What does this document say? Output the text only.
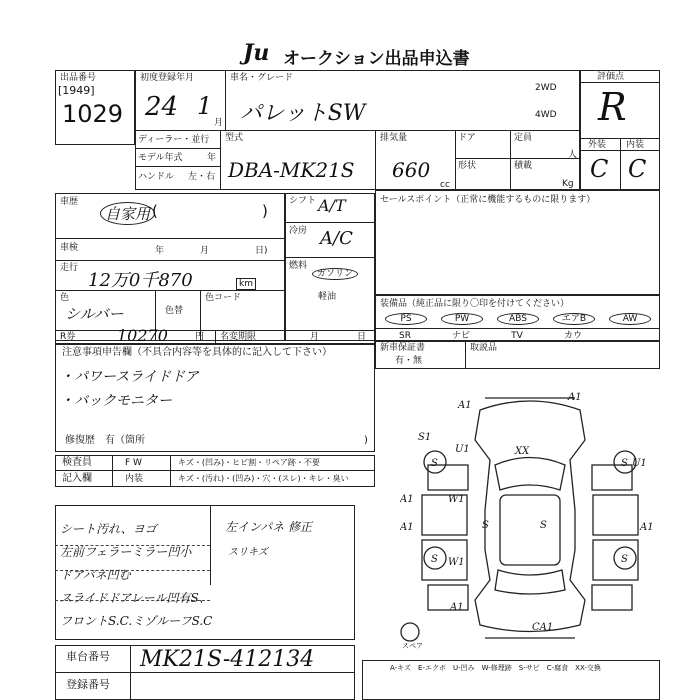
Ju オークション出品申込書
出品番号
[1949]
1029
初度登録年月
24 1
月
車名・グレード
パレットSW
2WD
4WD
評価点
R
外装 内装
C C
ディーラー・並行
モデル年式	年
ハンドル 左・右
型式
DBA-MK21S
排気量
660
cc
ドア	定員
人
形状	積載
Kg
車歴
自家用 (	)
車検	年	月	日)
走行
12万0千870	km
色
シルバー	色替
色コード
シフト A/T
冷房 A/C
燃料
ガソリン
軽油
セールスポイント（正常に機能するものに限ります）
装備品（純正品に限り〇印を付けてください）
PS	PW	ABS	エアB	AW
SR	ナビ	TV	カウ
R券	10270	円 名変期限	月	日
注意事項申告欄（不具合内容等を具体的に記入して下さい）
・パワースライドドア
・バックモニター
修復歴　有（箇所	)
新車保証書
有・無
取説品
検査員	F W	キズ・(凹み)・ヒビ割・リペア跡・不要
記入欄	内装	キズ・(汚れ)・(凹み)・穴・(スレ)・キレ・臭い
シート汚れ、ヨゴ
左前フェラーミラー凹小
ドアパネ凹む
スライドドアレール凹有S、
フロントS.C.ミゾルーフS.C
左インパネ 修正
スリキズ
車台番号 MK21S-412134
登録番号
A-キズ　E-エクボ　U-凹み　W-修理跡　S-サビ　C-腐食　XX-交換
A1
A1
XX
S1
U1
U1
W1
A1
A1	S	S	A1
W1
A1
CA1
S	S
S	S
スペア
